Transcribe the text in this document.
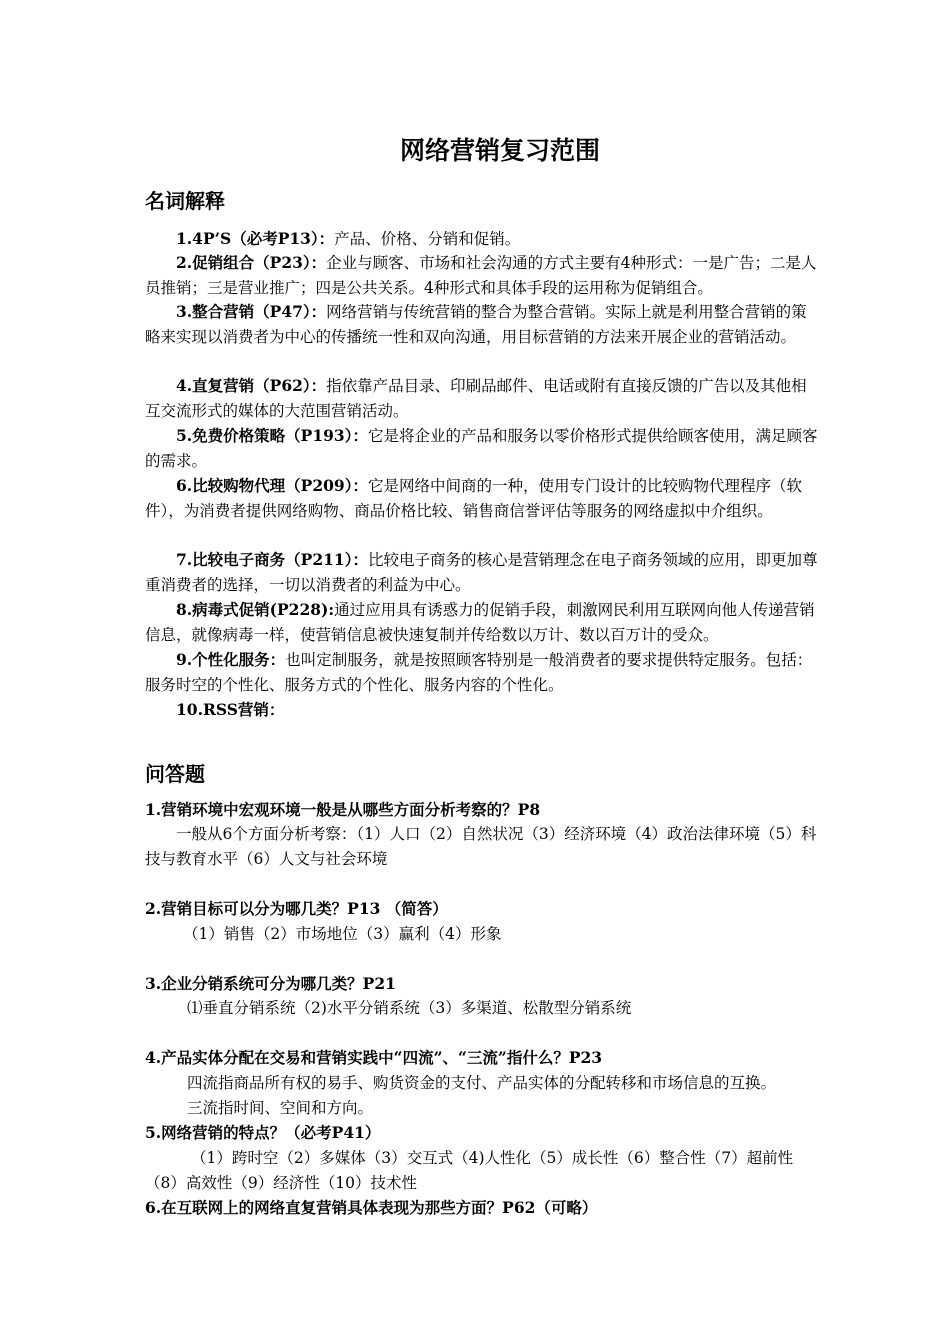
网络营销复习范围
名词解释

1.4P’S（必考P13）：产品、价格、分销和促销。

2.促销组合（P23）：企业与顾客、市场和社会沟通的方式主要有4种形式：一是广告；二是人员推销；三是营业推广；四是公共关系。4种形式和具体手段的运用称为促销组合。

3.整合营销（P47）：网络营销与传统营销的整合为整合营销。实际上就是利用整合营销的策略来实现以消费者为中心的传播统一性和双向沟通，用目标营销的方法来开展企业的营销活动。

4.直复营销（P62）：指依靠产品目录、印刷品邮件、电话或附有直接反馈的广告以及其他相互交流形式的媒体的大范围营销活动。

5.免费价格策略（P193）：它是将企业的产品和服务以零价格形式提供给顾客使用，满足顾客的需求。

6.比较购物代理（P209）：它是网络中间商的一种，使用专门设计的比较购物代理程序（软件），为消费者提供网络购物、商品价格比较、销售商信誉评估等服务的网络虚拟中介组织。

7.比较电子商务（P211）：比较电子商务的核心是营销理念在电子商务领域的应用，即更加尊重消费者的选择，一切以消费者的利益为中心。

8.病毒式促销(P228):通过应用具有诱惑力的促销手段，刺激网民利用互联网向他人传递营销信息，就像病毒一样，使营销信息被快速复制并传给数以万计、数以百万计的受众。

9.个性化服务：也叫定制服务，就是按照顾客特别是一般消费者的要求提供特定服务。包括：服务时空的个性化、服务方式的个性化、服务内容的个性化。

10.RSS营销：

问答题

1.营销环境中宏观环境一般是从哪些方面分析考察的？P8

一般从6个方面分析考察：（1）人口（2）自然状况（3）经济环境（4）政治法律环境（5）科技与教育水平（6）人文与社会环境

2.营销目标可以分为哪几类？P13 （简答）

（1）销售（2）市场地位（3）赢利（4）形象

3.企业分销系统可分为哪几类？P21

⑴垂直分销系统（2)水平分销系统（3）多渠道、松散型分销系统

4.产品实体分配在交易和营销实践中“四流”、“三流”指什么？P23

四流指商品所有权的易手、购货资金的支付、产品实体的分配转移和市场信息的互换。

三流指时间、空间和方向。

5.网络营销的特点？（必考P41）

（1）跨时空（2）多媒体（3）交互式（4)人性化（5）成长性（6）整合性（7）超前性（8）高效性（9）经济性（10）技术性

6.在互联网上的网络直复营销具体表现为那些方面？P62（可略）
